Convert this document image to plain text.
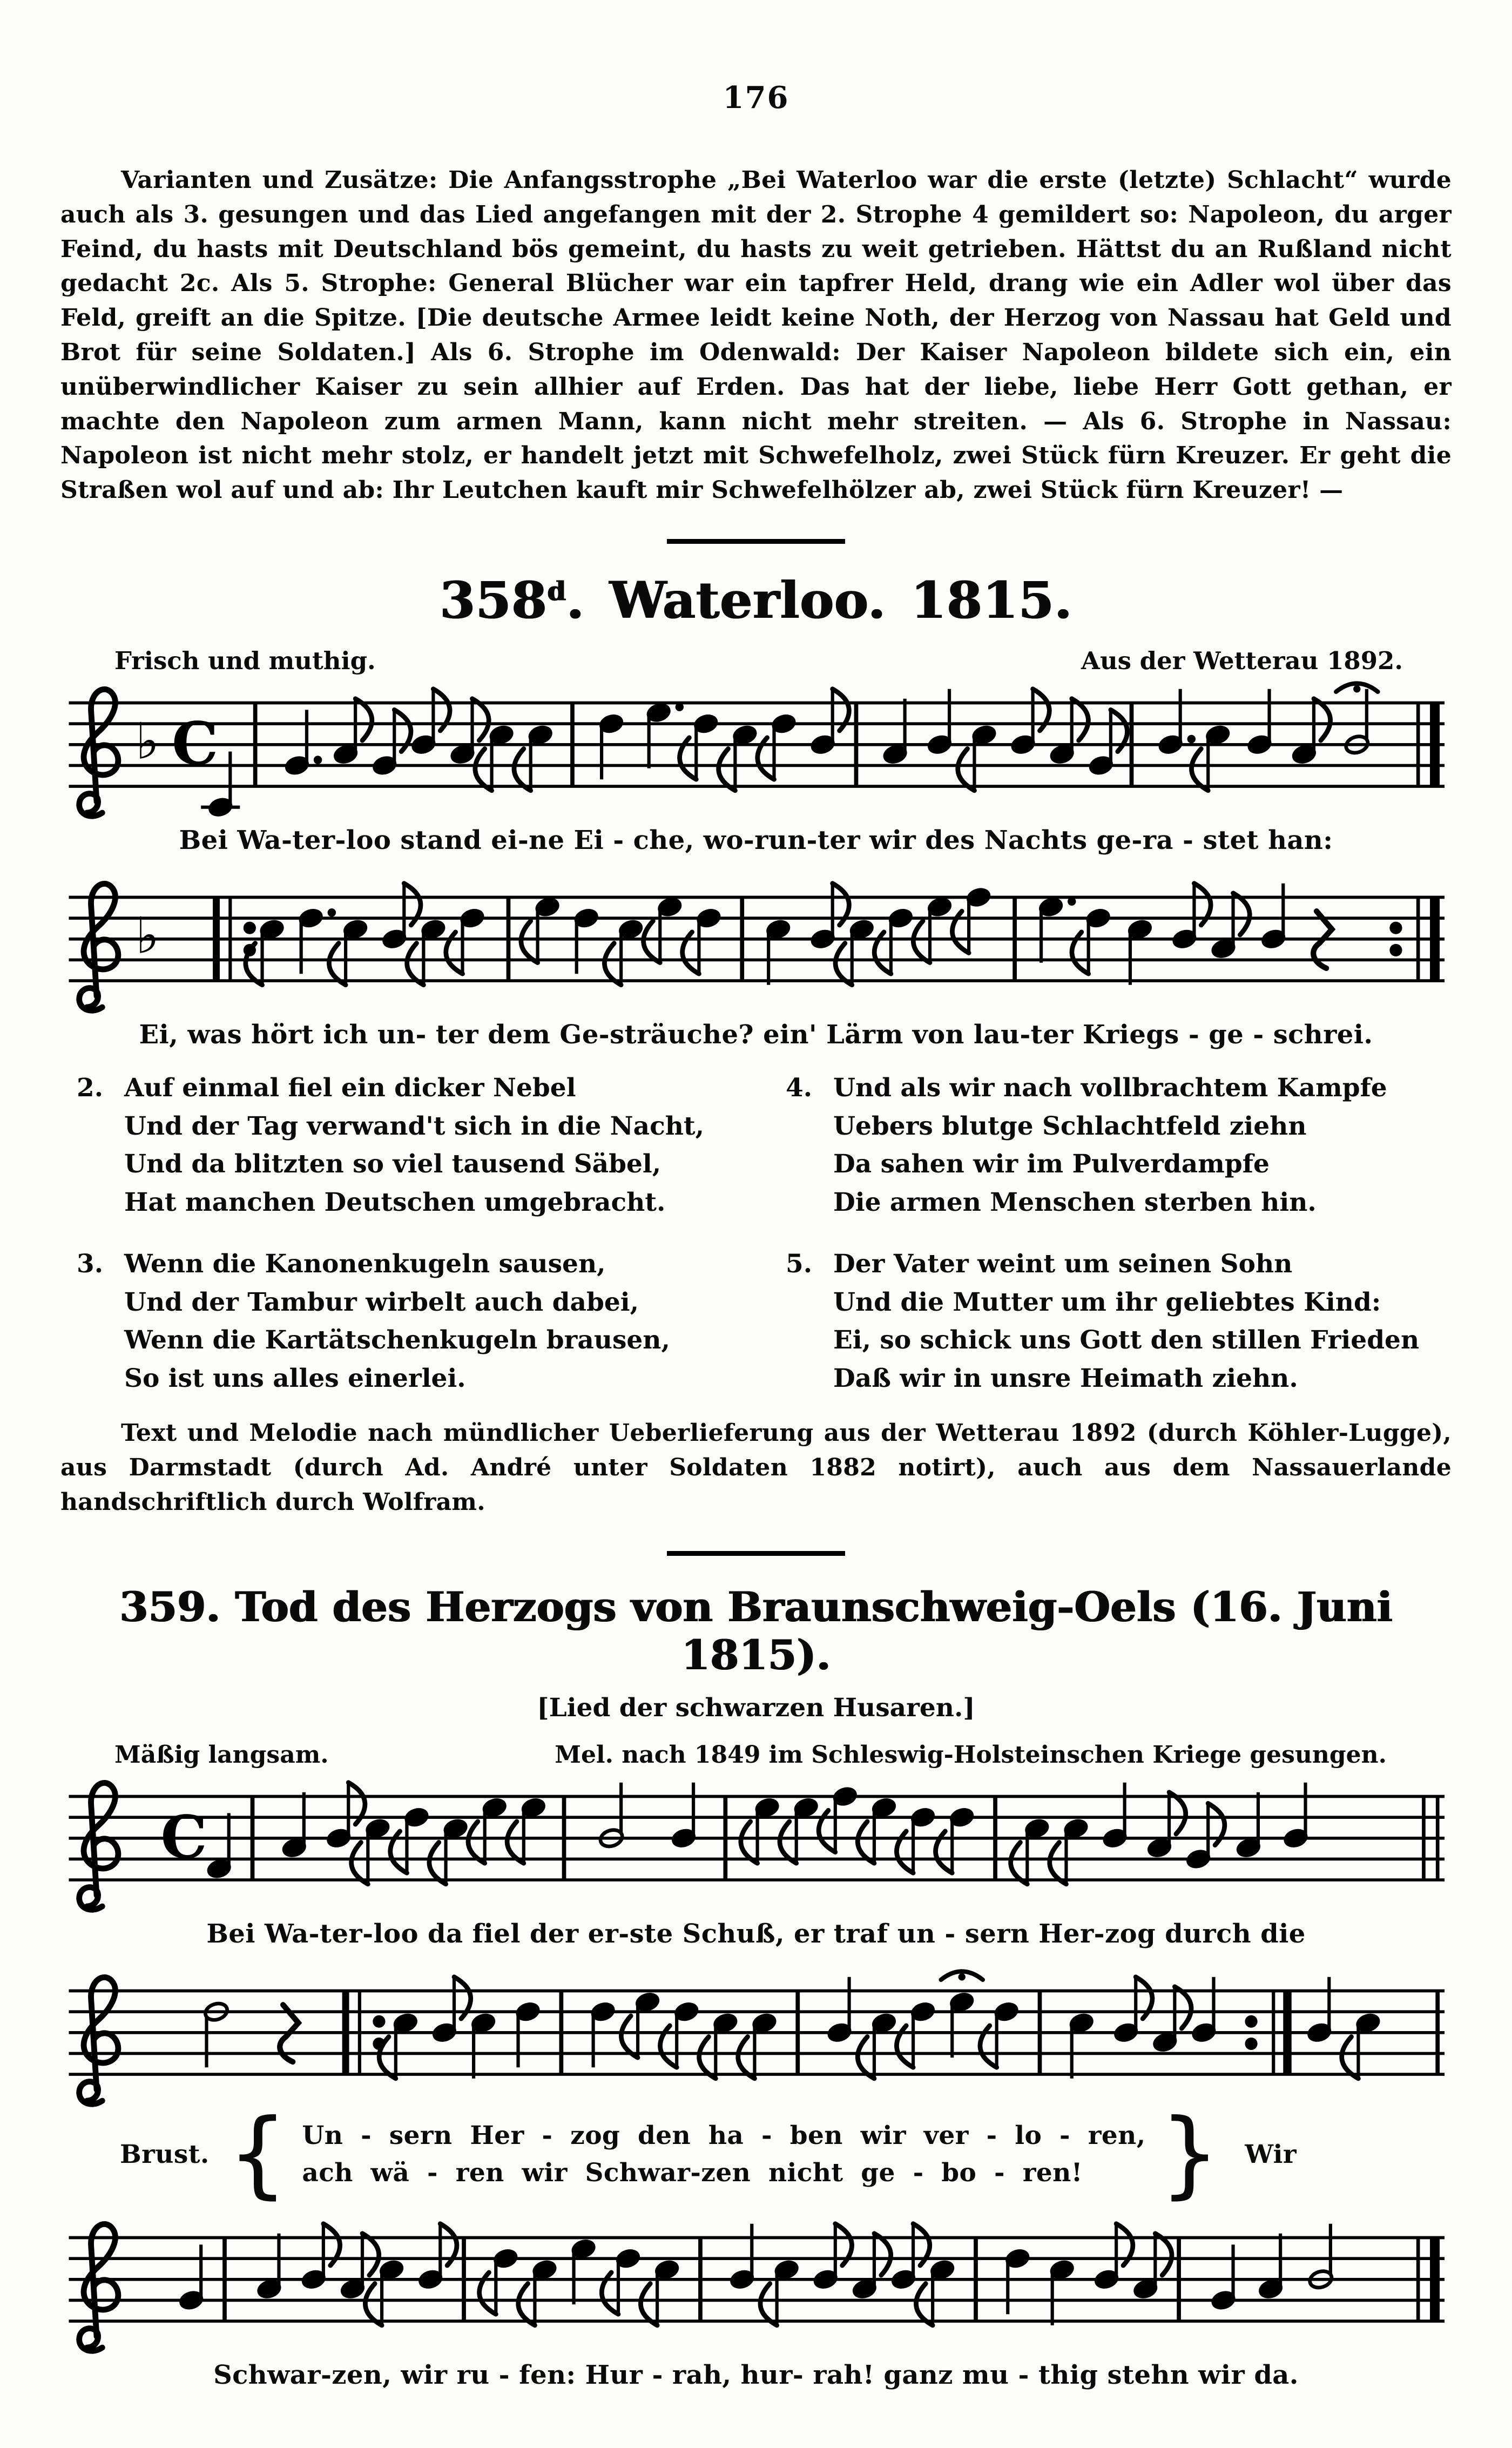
176

Varianten und Zusätze: Die Anfangsstrophe „Bei Waterloo war die erste (letzte) Schlacht“ wurde auch als 3. gesungen und das Lied angefangen mit der 2. Strophe 4 gemildert so: Napoleon, du arger Feind, du hasts mit Deutschland bös gemeint, du hasts zu weit getrieben. Hättst du an Rußland nicht gedacht 2c. Als 5. Strophe: General Blücher war ein tapfrer Held, drang wie ein Adler wol über das Feld, greift an die Spitze. [Die deutsche Armee leidt keine Noth, der Herzog von Nassau hat Geld und Brot für seine Soldaten.] Als 6. Strophe im Odenwald: Der Kaiser Napoleon bildete sich ein, ein unüberwindlicher Kaiser zu sein allhier auf Erden. Das hat der liebe, liebe Herr Gott gethan, er machte den Napoleon zum armen Mann, kann nicht mehr streiten. — Als 6. Strophe in Nassau: Napoleon ist nicht mehr stolz, er handelt jetzt mit Schwefelholz, zwei Stück fürn Kreuzer. Er geht die Straßen wol auf und ab: Ihr Leutchen kauft mir Schwefelhölzer ab, zwei Stück fürn Kreuzer! —

358$^d$. Waterloo. 1815.
Frisch und muthig.	Aus der Wetterau 1892.
♭ C
Bei Wa-ter-loo stand ei-ne Ei - che, wo-run-ter wir des Nachts ge-ra - stet han:
♭
Ei, was hört ich un- ter dem Ge-sträuche? ein' Lärm von lau-ter Kriegs - ge - schrei.
2. Auf einmal fiel ein dicker Nebel
Und der Tag verwand't sich in die Nacht,
Und da blitzten so viel tausend Säbel,
Hat manchen Deutschen umgebracht.
3. Wenn die Kanonenkugeln sausen,
Und der Tambur wirbelt auch dabei,
Wenn die Kartätschenkugeln brausen,
So ist uns alles einerlei.
4. Und als wir nach vollbrachtem Kampfe
Uebers blutge Schlachtfeld ziehn
Da sahen wir im Pulverdampfe
Die armen Menschen sterben hin.
5. Der Vater weint um seinen Sohn
Und die Mutter um ihr geliebtes Kind:
Ei, so schick uns Gott den stillen Frieden
Daß wir in unsre Heimath ziehn.

Text und Melodie nach mündlicher Ueberlieferung aus der Wetterau 1892 (durch Köhler-Lugge), aus Darmstadt (durch Ad. André unter Soldaten 1882 notirt), auch aus dem Nassauerlande handschriftlich durch Wolfram.

359. Tod des Herzogs von Braunschweig-Oels (16. Juni 1815).
[Lied der schwarzen Husaren.]
Mäßig langsam.	Mel. nach 1849 im Schleswig-Holsteinschen Kriege gesungen.
C
Bei Wa-ter-loo da fiel der er-ste Schuß, er traf un - sern Her-zog durch die
Brust. { Un - sern Her - zog den ha - ben wir ver - lo - ren,
ach wä - ren wir Schwar-zen nicht ge - bo - ren! } Wir
Schwar-zen, wir ru - fen: Hur - rah, hur- rah! ganz mu - thig stehn wir da.
